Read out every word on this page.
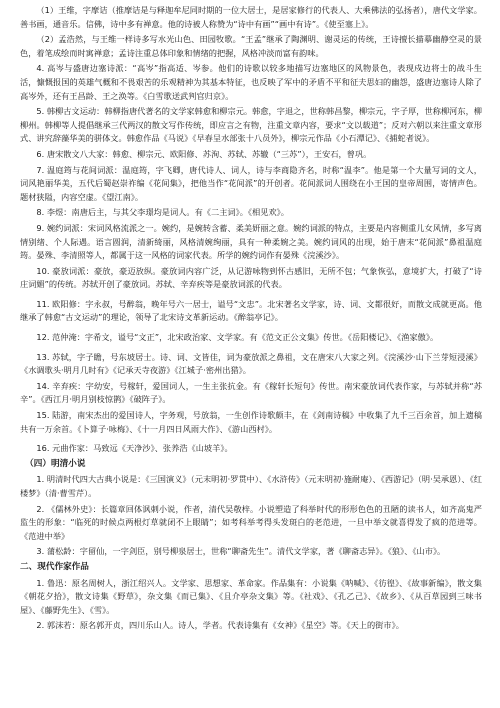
（1）王维，字摩诘（推摩诘是与释迦牟尼同时期的一位大居士，是居家修行的代表人、大乘佛法的弘扬者），唐代文学家。善书画，通音乐。信佛，诗中多有禅意。他的诗被人称赞为“诗中有画”“画中有诗”。《使至塞上》。

（2）孟浩然，与王维一样诗多写水光山色、田园牧歌。“王孟”继承了陶渊明、谢灵运的传统，王诗擅长描摹幽静空灵的景色，着笔成绘而时寓禅意；孟诗注重总体印象和情绪的把握，风格冲淡而富有韵味。

4. 高岑与盛唐边塞诗派：“高岑”指高适、岑参。他们的诗歌以较多地描写边塞地区的风物景色，表现戍边将士的战斗生活，慷慨报国的英雄气概和不畏艰苦的乐观精神为其基本特征，也反映了军中的矛盾不平和征夫思妇的幽怨，盛唐边塞诗人除了高岑外，还有王昌龄、王之涣等。《白雪歌送武判官归京》。

5. 韩柳古文运动：韩柳指唐代著名的文学家韩愈和柳宗元。韩愈，字退之，世称韩昌黎，柳宗元，字子厚，世称柳河东，柳柳州。韩柳等人提倡继承三代两汉的散文写作传统，即应言之有物，注重文章内容，要求“文以载道”；反对六朝以来注重文章形式、讲究辞藻华美的骈体文。韩愈作品《马说》《早春呈水部张十八员外》，柳宗元作品《小石潭记》、《捕蛇者说》。

6. 唐宋散文八大家：韩愈、柳宗元、欧阳修、苏洵、苏轼、苏辙（“三苏”），王安石，曾巩。

7. 温庭筠与花间词派：温庭筠，字飞卿，唐代诗人、词人，诗与李商隐齐名，时称“温李”。他是第一个大量写词的文人，词风艳丽华美，五代后蜀赵崇祚编《花间集》，把他当作“花间派”的开创者。花间派词人围绕在小王国的皇帝周围，寄情声色。题材狭隘，内容空虚。《望江南》。

8. 李煜：南唐后主，与其父李璟均是词人。有《二主词》。《相见欢》。

9. 婉约词派：宋词风格流派之一。婉约，是婉转含蓄、柔美妍丽之意。婉约词派的特点，主要是内容侧重儿女风情，多写离情别绪、个人际遇。语言圆润，清新绮丽，风格清婉绚丽，具有一种柔婉之美。婉约词风的出现，始于唐末“花间派”鼻祖温庭筠。晏殊、李清照等人，都属于这一风格的词家代表。所学的婉约词作有晏殊《浣溪沙》。

10. 豪放词派：豪放，豪迈放纵。豪放词内容广泛，从记游咏物到怀古感旧，无所不包；气象恢弘，意境扩大，打破了“诗庄词媚”的传统。苏轼开创了豪放词。苏轼、辛弃疾等是豪放词派的代表。

11. 欧阳修：字永叔，号醉翁，晚年号六一居士，谥号“文忠”。北宋著名文学家，诗、词、文都很好，而散文成就更高。他继承了韩愈“古文运动”的理论，领导了北宋诗文革新运动。《醉翁亭记》。

12. 范仲淹：字希文，谥号“文正”，北宋政治家、文学家。有《范文正公文集》传世。《岳阳楼记》、《渔家傲》。

13. 苏轼，字子瞻，号东坡居士。诗、词、文皆佳，词为豪放派之鼻祖，文在唐宋八大家之列。《浣溪沙·山下兰芽短浸溪》《水调歌头·明月几时有》《记承天寺夜游》《江城子·密州出猎》。

14. 辛弃疾：字幼安，号稼轩，爱国词人，一生主张抗金。有《稼轩长短句》传世。南宋豪放词代表作家，与苏轼并称“苏辛”。《西江月·明月别枝惊鹊》《破阵子》。

15. 陆游，南宋杰出的爱国诗人，字务观，号放翁，一生创作诗歌颇丰，在《剑南诗稿》中收集了九千三百余首，加上遗稿共有一万余首。《卜算子·咏梅》、《十一月四日风雨大作》、《游山西村》。

16. 元曲作家：马致远《天净沙》、张养浩《山坡羊》。

（四）明清小说

1. 明清时代四大古典小说是：《三国演义》（元末明初·罗贯中）、《水浒传》（元末明初·施耐庵）、《西游记》（明·吴承恩）、《红楼梦》（清·曹雪芹）。

2. 《儒林外史》：长篇章回体讽刺小说，作者，清代吴敬梓。小说塑造了科举时代的形形色色的丑陋的读书人，如齐高鬼严监生的形象：“临死的时候点两根灯草就闭不上眼睛”；如考科举考得头发斑白的老范进，一旦中举文就喜得发了疯的范进等。《范进中举》

3. 蒲松龄：字留仙，一字剑臣，别号柳泉居士，世称“聊斋先生”。清代文学家，著《聊斋志异》。《狼》、《山市》。

二、现代作家作品

1. 鲁迅：原名周树人，浙江绍兴人。文学家、思想家、革命家。作品集有：小说集《呐喊》、《彷徨》、《故事新编》，散文集《朝花夕拾》，散文诗集《野草》，杂文集《而已集》、《且介亭杂文集》等。《社戏》、《孔乙己》、《故乡》、《从百草园到三味书屋》、《藤野先生》、《雪》。

2. 郭沫若：原名郭开贞，四川乐山人。诗人，学者。代表诗集有《女神》《星空》等。《天上的街市》。
